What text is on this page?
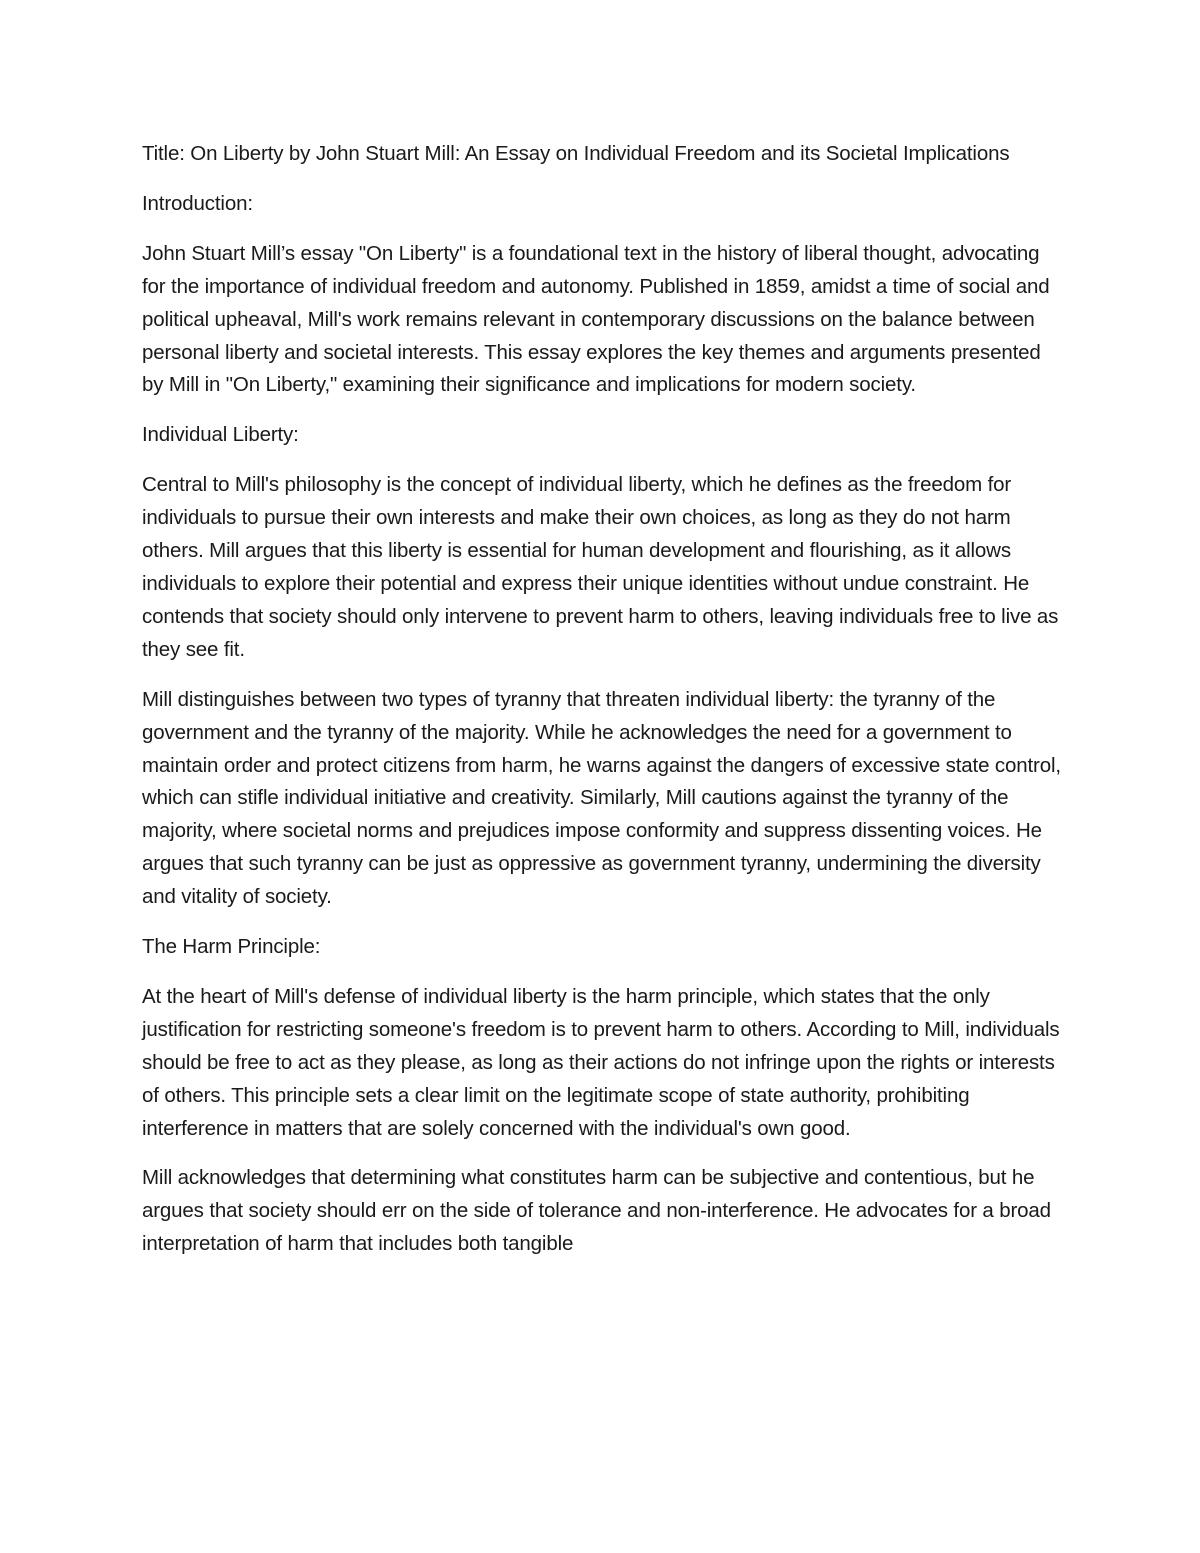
Title: On Liberty by John Stuart Mill: An Essay on Individual Freedom and its Societal Implications

Introduction:

John Stuart Mill’s essay "On Liberty" is a foundational text in the history of liberal thought, advocating for the importance of individual freedom and autonomy. Published in 1859, amidst a time of social and political upheaval, Mill's work remains relevant in contemporary discussions on the balance between personal liberty and societal interests. This essay explores the key themes and arguments presented by Mill in "On Liberty," examining their significance and implications for modern society.

Individual Liberty:

Central to Mill's philosophy is the concept of individual liberty, which he defines as the freedom for individuals to pursue their own interests and make their own choices, as long as they do not harm others. Mill argues that this liberty is essential for human development and flourishing, as it allows individuals to explore their potential and express their unique identities without undue constraint. He contends that society should only intervene to prevent harm to others, leaving individuals free to live as they see fit.

Mill distinguishes between two types of tyranny that threaten individual liberty: the tyranny of the government and the tyranny of the majority. While he acknowledges the need for a government to maintain order and protect citizens from harm, he warns against the dangers of excessive state control, which can stifle individual initiative and creativity. Similarly, Mill cautions against the tyranny of the majority, where societal norms and prejudices impose conformity and suppress dissenting voices. He argues that such tyranny can be just as oppressive as government tyranny, undermining the diversity and vitality of society.

The Harm Principle:

At the heart of Mill's defense of individual liberty is the harm principle, which states that the only justification for restricting someone's freedom is to prevent harm to others. According to Mill, individuals should be free to act as they please, as long as their actions do not infringe upon the rights or interests of others. This principle sets a clear limit on the legitimate scope of state authority, prohibiting interference in matters that are solely concerned with the individual's own good.

Mill acknowledges that determining what constitutes harm can be subjective and contentious, but he argues that society should err on the side of tolerance and non-interference. He advocates for a broad interpretation of harm that includes both tangible
